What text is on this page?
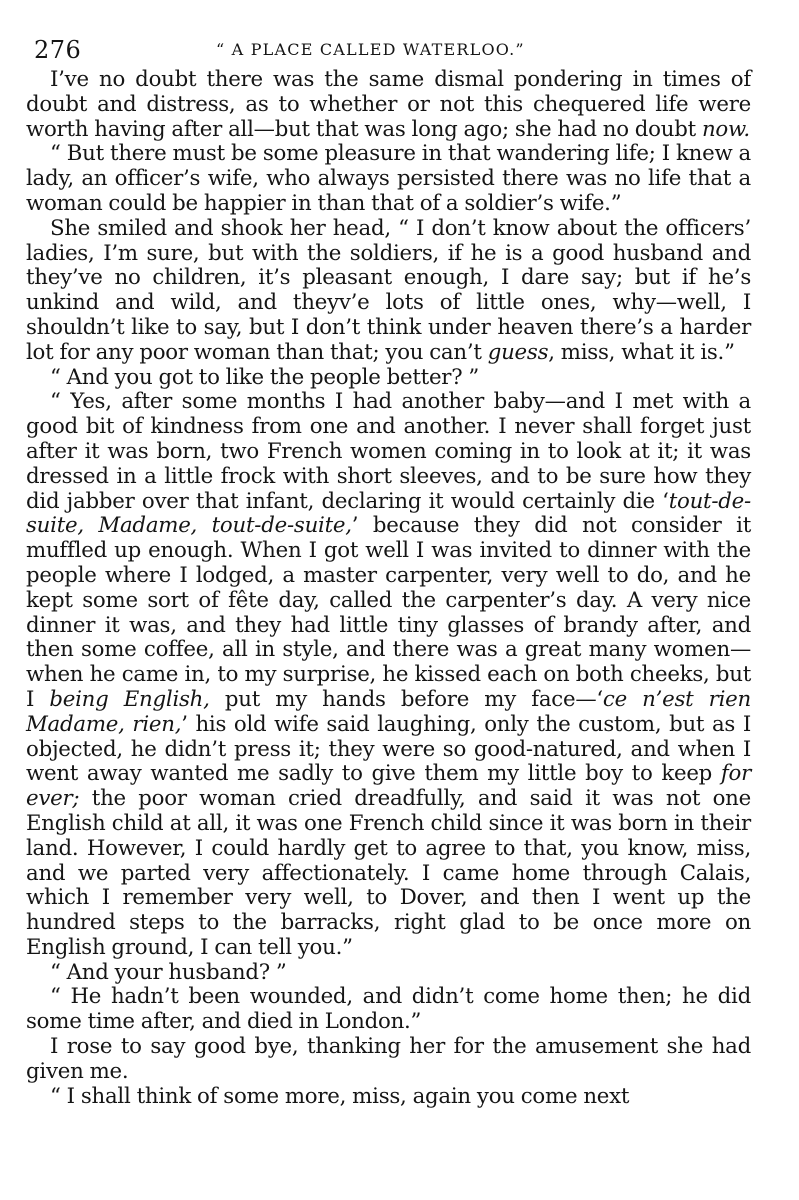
276	“ A PLACE CALLED WATERLOO.”

I’ve no doubt there was the same dismal pondering in times of doubt and distress, as to whether or not this chequered life were worth having after all—but that was long ago; she had no doubt now.

“ But there must be some pleasure in that wandering life; I knew a lady, an officer’s wife, who always persisted there was no life that a woman could be happier in than that of a soldier’s wife.”

She smiled and shook her head, “ I don’t know about the officers’ ladies, I’m sure, but with the soldiers, if he is a good husband and they’ve no children, it’s pleasant enough, I dare say; but if he’s unkind and wild, and theyv’e lots of little ones, why—well, I shouldn’t like to say, but I don’t think under heaven there’s a harder lot for any poor woman than that; you can’t guess, miss, what it is.”

“ And you got to like the people better? ”

“ Yes, after some months I had another baby—and I met with a good bit of kindness from one and another. I never shall forget just after it was born, two French women coming in to look at it; it was dressed in a little frock with short sleeves, and to be sure how they did jabber over that infant, declaring it would certainly die ‘tout-de-suite, Madame, tout-de-suite,’ because they did not consider it muffled up enough. When I got well I was invited to dinner with the people where I lodged, a master carpenter, very well to do, and he kept some sort of fête day, called the carpenter’s day. A very nice dinner it was, and they had little tiny glasses of brandy after, and then some coffee, all in style, and there was a great many women—when he came in, to my surprise, he kissed each on both cheeks, but I being English, put my hands before my face—‘ce n’est rien Madame, rien,’ his old wife said laughing, only the custom, but as I objected, he didn’t press it; they were so good-natured, and when I went away wanted me sadly to give them my little boy to keep for ever; the poor woman cried dreadfully, and said it was not one English child at all, it was one French child since it was born in their land. However, I could hardly get to agree to that, you know, miss, and we parted very affectionately. I came home through Calais, which I remember very well, to Dover, and then I went up the hundred steps to the barracks, right glad to be once more on English ground, I can tell you.”

“ And your husband? ”

“ He hadn’t been wounded, and didn’t come home then; he did some time after, and died in London.”

I rose to say good bye, thanking her for the amusement she had given me.

“ I shall think of some more, miss, again you come next
